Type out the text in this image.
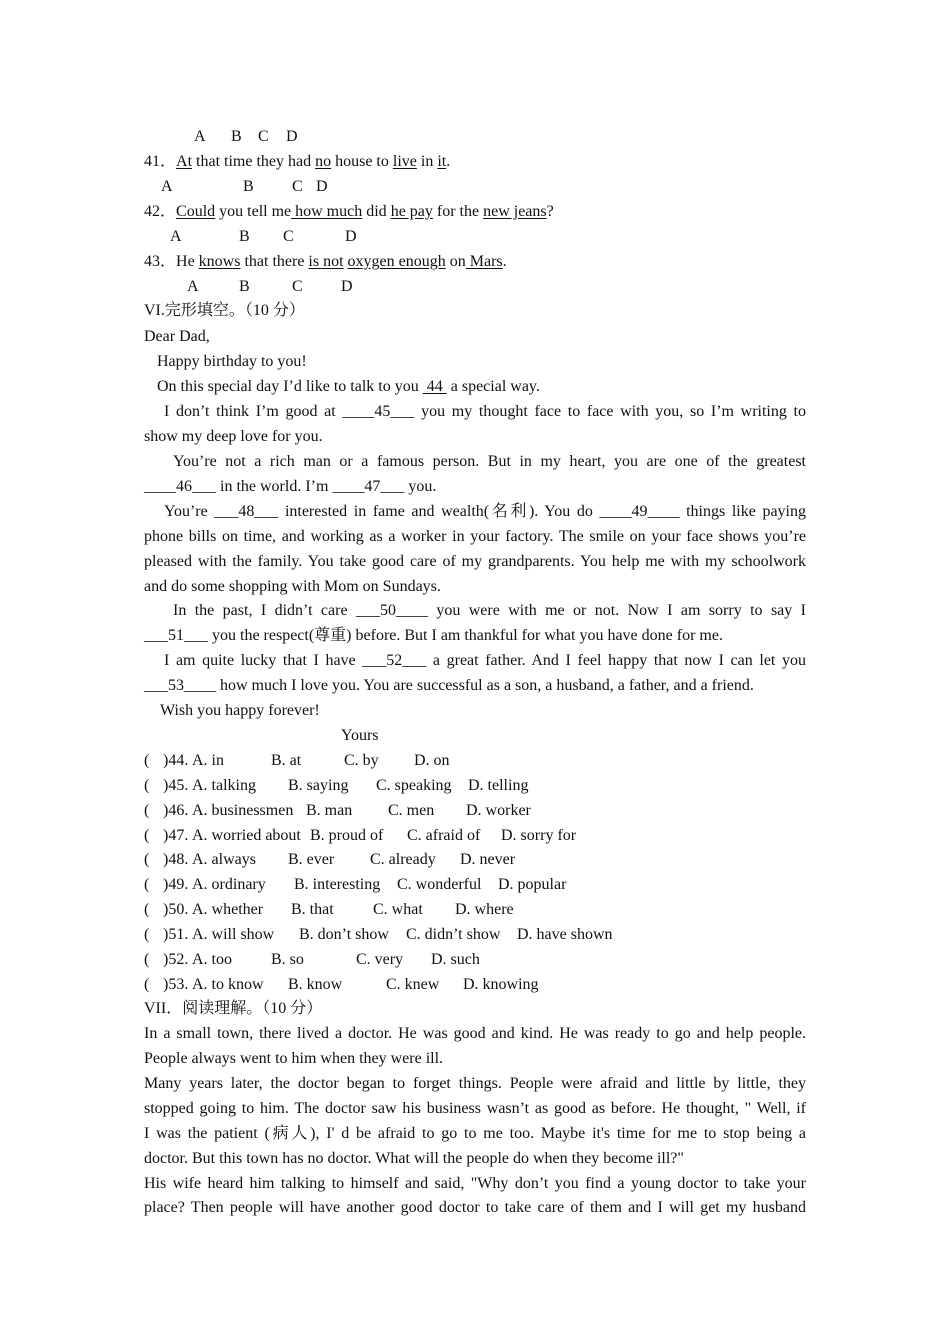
A B C D
41．At that time they had no house to live in it.
A	B C D
42．Could you tell me how much did he pay for the new jeans?
A	B C	D
43．He knows that there is not oxygen enough on Mars.
A	B	C D
VI.完形填空。（10 分）
Dear Dad,
Happy birthday to you!
On this special day I’d like to talk to you  44  a special way.
I don’t think I’m good at ____45___ you my thought face to face with you, so I’m writing to
show my deep love for you.
You’re not a rich man or a famous person. But in my heart, you are one of the greatest
____46___ in the world. I’m ____47___ you.
You’re ___48___ interested in fame and wealth(名利). You do ____49____ things like paying
phone bills on time, and working as a worker in your factory. The smile on your face shows you’re
pleased with the family. You take good care of my grandparents. You help me with my schoolwork
and do some shopping with Mom on Sundays.
In the past, I didn’t care ___50____ you were with me or not. Now I am sorry to say I
___51___ you the respect(尊重) before. But I am thankful for what you have done for me.
I am quite lucky that I have ___52___ a great father. And I feel happy that now I can let you
___53____ how much I love you. You are successful as a son, a husband, a father, and a friend.
Wish you happy forever!
Yours
( )44. A. in	B. at	C. by D. on
( )45. A. talking B. saying C. speaking D. telling
( )46. A. businessmen B. man C. men D. worker
( )47. A. worried about B. proud of C. afraid of D. sorry for
( )48. A. always B. ever C. already D. never
( )49. A. ordinary B. interesting C. wonderful D. popular
( )50. A. whether B. that C. what D. where
( )51. A. will show B. don’t show C. didn’t show D. have shown
( )52. A. too B. so	C. very D. such
( )53. A. to know B. know	C. knew D. knowing
VII．阅读理解。（10 分）
In a small town, there lived a doctor. He was good and kind. He was ready to go and help people.
People always went to him when they were ill.
Many years later, the doctor began to forget things. People were afraid and little by little, they
stopped going to him. The doctor saw his business wasn’t as good as before. He thought, " Well, if
I was the patient (病人), I' d be afraid to go to me too. Maybe it's time for me to stop being a
doctor. But this town has no doctor. What will the people do when they become ill?"
His wife heard him talking to himself and said, "Why don’t you find a young doctor to take your
place? Then people will have another good doctor to take care of them and I will get my husband
